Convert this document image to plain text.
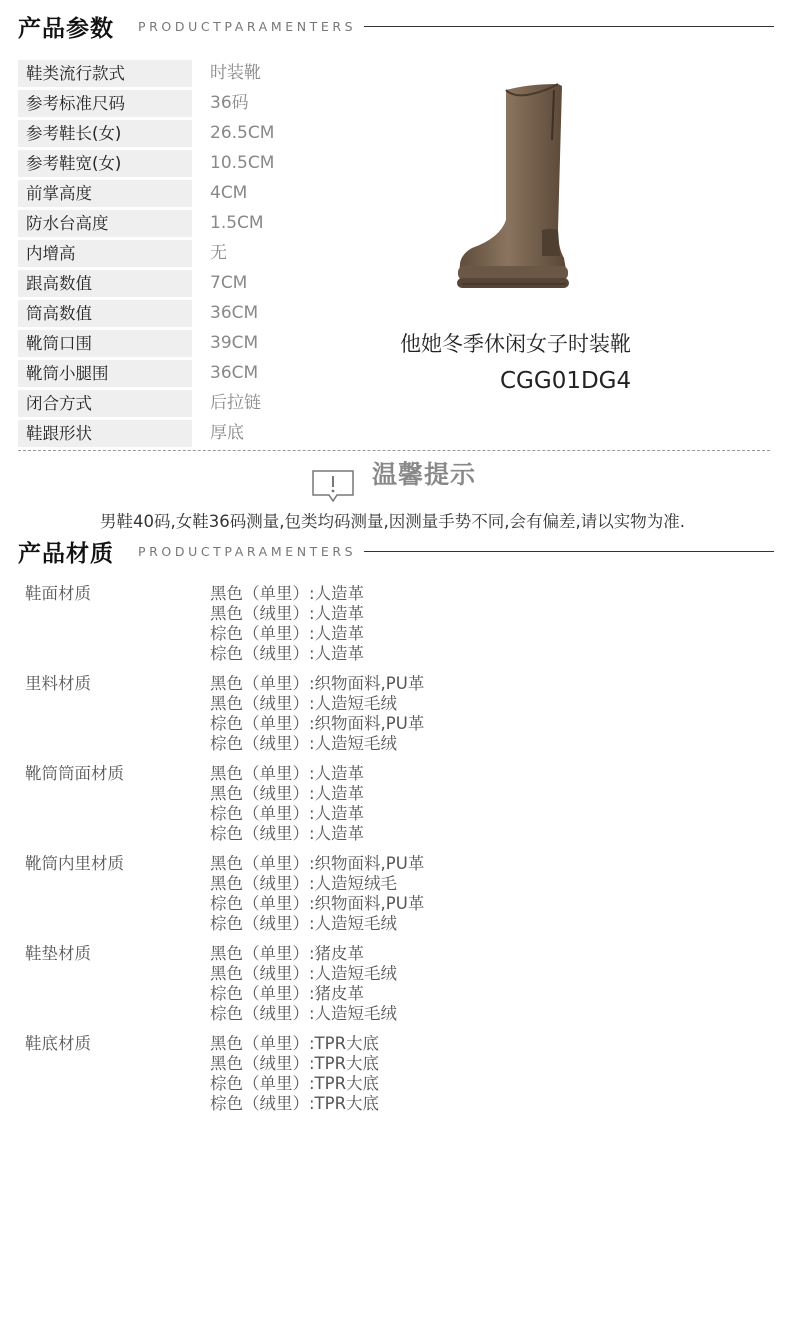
产品参数 PRODUCTPARAMENTERS
鞋类流行款式	时装靴
参考标准尺码	36码
参考鞋长(女)	26.5CM
参考鞋宽(女)	10.5CM
前掌高度	4CM
防水台高度	1.5CM
内增高	无
跟高数值	7CM
筒高数值	36CM
靴筒口围	39CM
靴筒小腿围	36CM
闭合方式	后拉链
鞋跟形状	厚底
他她冬季休闲女子时装靴
CGG01DG4
温馨提示
男鞋40码,女鞋36码测量,包类均码测量,因测量手势不同,会有偏差,请以实物为准.
产品材质 PRODUCTPARAMENTERS
鞋面材质	黑色（单里）:人造革
黑色（绒里）:人造革
棕色（单里）:人造革
棕色（绒里）:人造革
里料材质	黑色（单里）:织物面料,PU革
黑色（绒里）:人造短毛绒
棕色（单里）:织物面料,PU革
棕色（绒里）:人造短毛绒
靴筒筒面材质	黑色（单里）:人造革
黑色（绒里）:人造革
棕色（单里）:人造革
棕色（绒里）:人造革
靴筒内里材质	黑色（单里）:织物面料,PU革
黑色（绒里）:人造短绒毛
棕色（单里）:织物面料,PU革
棕色（绒里）:人造短毛绒
鞋垫材质	黑色（单里）:猪皮革
黑色（绒里）:人造短毛绒
棕色（单里）:猪皮革
棕色（绒里）:人造短毛绒
鞋底材质	黑色（单里）:TPR大底
黑色（绒里）:TPR大底
棕色（单里）:TPR大底
棕色（绒里）:TPR大底
